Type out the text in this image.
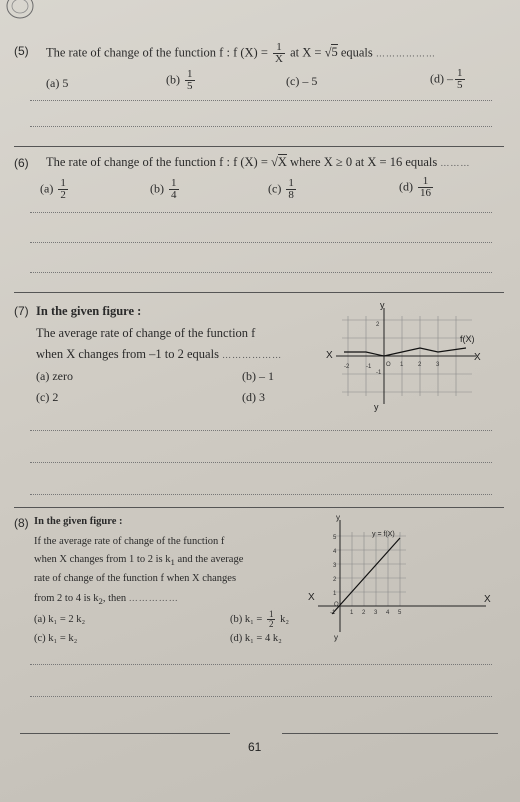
(5) The rate of change of the function f : f $(X) = \frac{1}{X}$ at X = √5 equals ………………
(a) 5	$(b) \frac{1}{5}$	(c) – 5	$(d) - \frac{1}{5}$
(6) The rate of change of the function f : f (X) = √X where X ≥ 0 at X = 16 equals ………
$(a) \frac{1}{2}$	$(b) \frac{1}{4}$	$(c) \frac{1}{8}$	$(d) \frac{1}{16}$
(7) In the given figure :
The average rate of change of the function f
when X changes from –1 to 2 equals ………………
(a) zero	(b) – 1
(c) 2	(d) 3
y
y
X
X
f(X)
-2	-1 O 1 2 3
2
-1
(8) In the given figure :
If the average rate of change of the function f
when X changes from 1 to 2 is $k_1$ and the average
rate of change of the function f when X changes
from 2 to 4 is $k_2$, then ……………
(a) k₁ = 2 k₂	(b) $k_1 = \frac{1}{2} k_2$
(c) k₁ = k₂	(d) k₁ = 4 k₂
y
y
X
X
y = f(X)
-1
O
1 2 3 4 5
5
4
3
2
1
61
